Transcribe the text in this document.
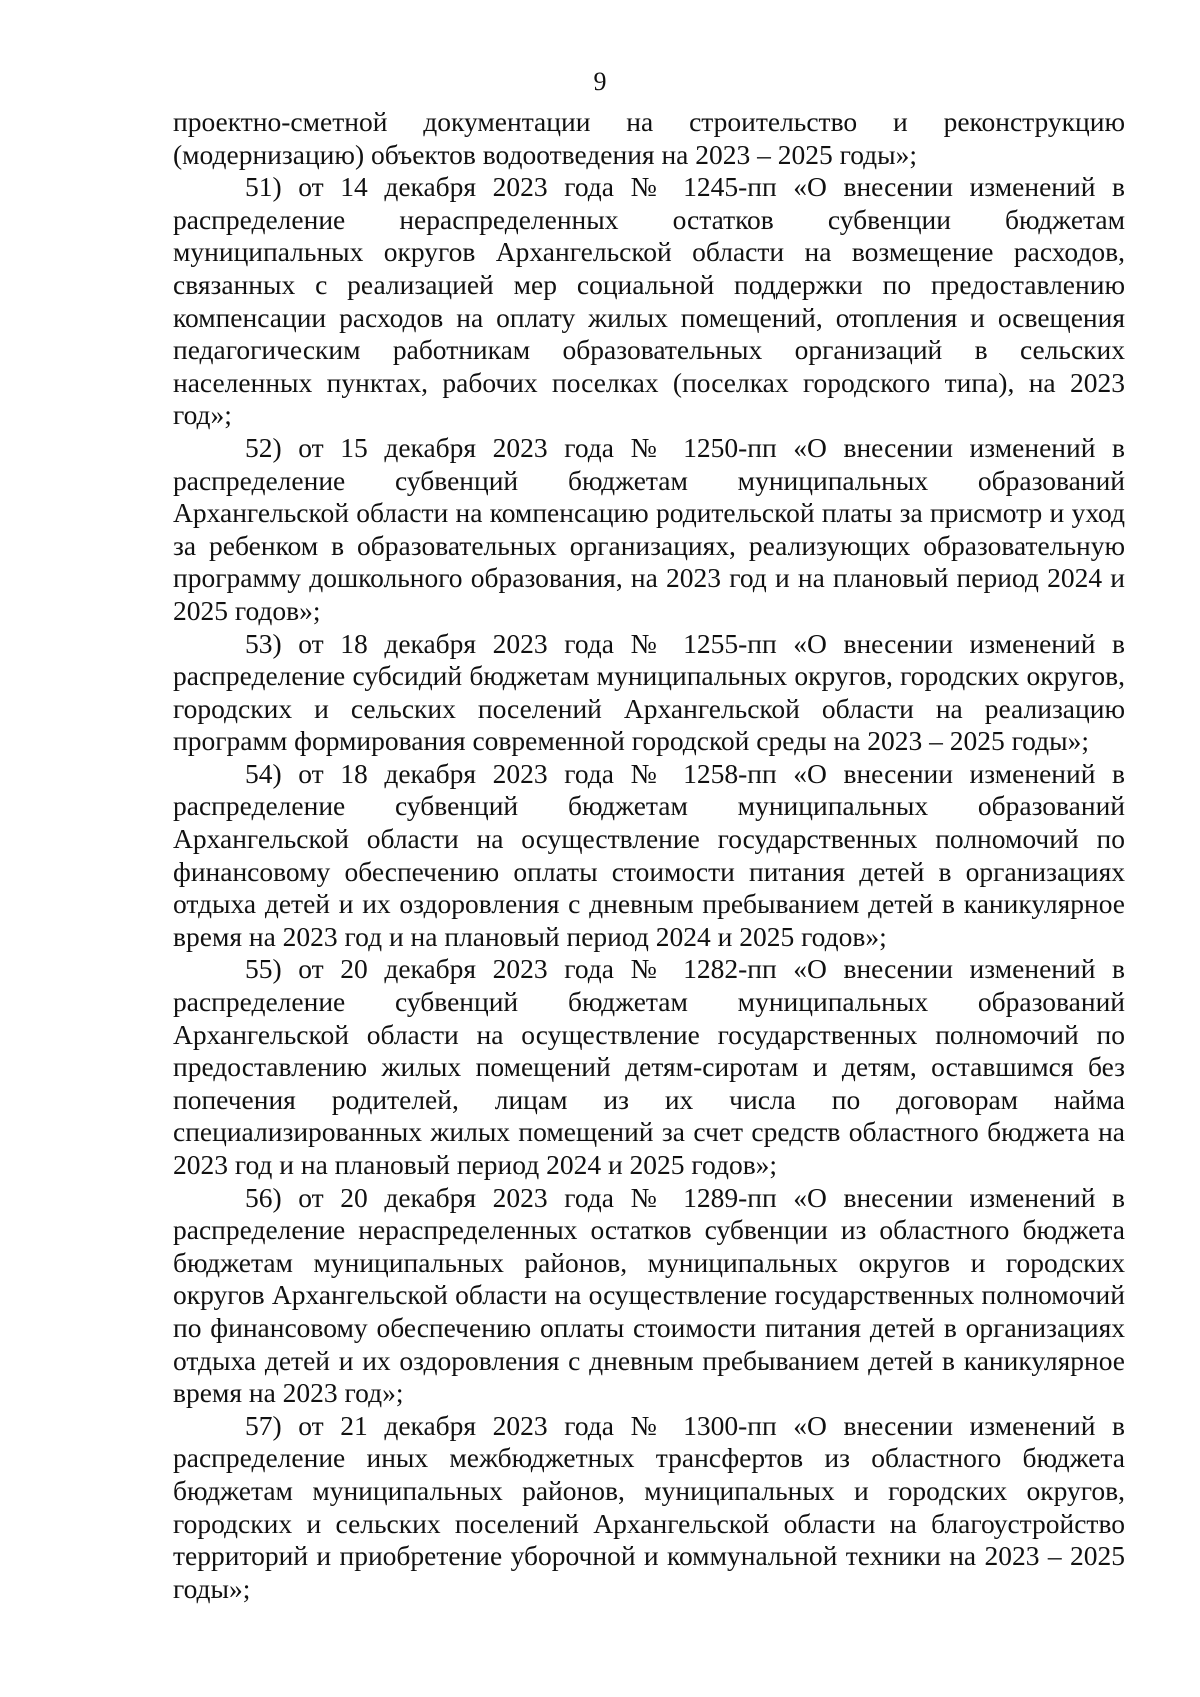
9

проектно-сметной документации на строительство и реконструкцию (модернизацию) объектов водоотведения на 2023 – 2025 годы»;

51) от 14 декабря 2023 года № 1245-пп «О внесении изменений в распределение нераспределенных остатков субвенции бюджетам муниципальных округов Архангельской области на возмещение расходов, связанных с реализацией мер социальной поддержки по предоставлению компенсации расходов на оплату жилых помещений, отопления и освещения педагогическим работникам образовательных организаций в сельских населенных пунктах, рабочих поселках (поселках городского типа), на 2023 год»;

52) от 15 декабря 2023 года № 1250-пп «О внесении изменений в распределение субвенций бюджетам муниципальных образований Архангельской области на компенсацию родительской платы за присмотр и уход за ребенком в образовательных организациях, реализующих образовательную программу дошкольного образования, на 2023 год и на плановый период 2024 и 2025 годов»;

53) от 18 декабря 2023 года № 1255-пп «О внесении изменений в распределение субсидий бюджетам муниципальных округов, городских округов, городских и сельских поселений Архангельской области на реализацию программ формирования современной городской среды на 2023 – 2025 годы»;

54) от 18 декабря 2023 года № 1258-пп «О внесении изменений в распределение субвенций бюджетам муниципальных образований Архангельской области на осуществление государственных полномочий по финансовому обеспечению оплаты стоимости питания детей в организациях отдыха детей и их оздоровления с дневным пребыванием детей в каникулярное время на 2023 год и на плановый период 2024 и 2025 годов»;

55) от 20 декабря 2023 года № 1282-пп «О внесении изменений в распределение субвенций бюджетам муниципальных образований Архангельской области на осуществление государственных полномочий по предоставлению жилых помещений детям-сиротам и детям, оставшимся без попечения родителей, лицам из их числа по договорам найма специализированных жилых помещений за счет средств областного бюджета на 2023 год и на плановый период 2024 и 2025 годов»;

56) от 20 декабря 2023 года № 1289-пп «О внесении изменений в распределение нераспределенных остатков субвенции из областного бюджета бюджетам муниципальных районов, муниципальных округов и городских округов Архангельской области на осуществление государственных полномочий по финансовому обеспечению оплаты стоимости питания детей в организациях отдыха детей и их оздоровления с дневным пребыванием детей в каникулярное время на 2023 год»;

57) от 21 декабря 2023 года № 1300-пп «О внесении изменений в распределение иных межбюджетных трансфертов из областного бюджета бюджетам муниципальных районов, муниципальных и городских округов, городских и сельских поселений Архангельской области на благоустройство территорий и приобретение уборочной и коммунальной техники на 2023 – 2025 годы»;
